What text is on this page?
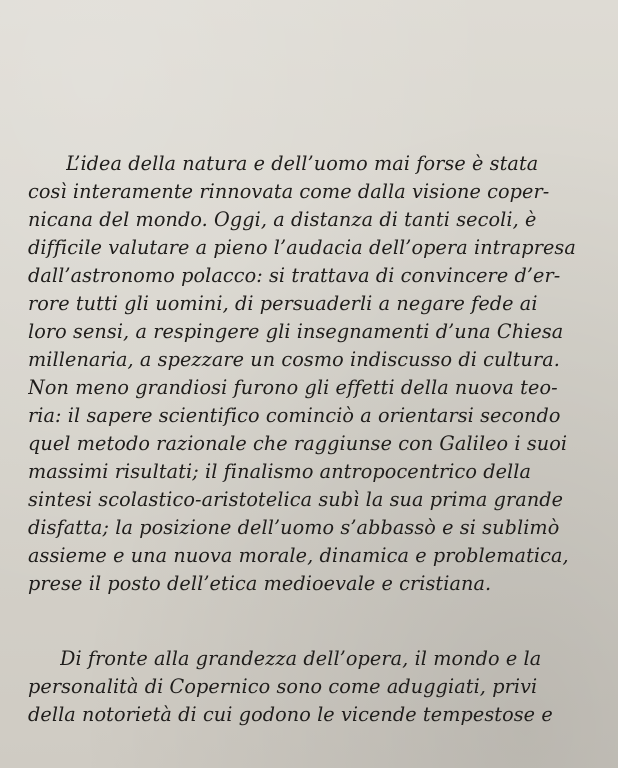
L’idea della natura e dell’uomo mai forse è stata
così interamente rinnovata come dalla visione coper-
nicana del mondo. Oggi, a distanza di tanti secoli, è
difficile valutare a pieno l’audacia dell’opera intrapresa
dall’astronomo polacco: si trattava di convincere d’er-
rore tutti gli uomini, di persuaderli a negare fede ai
loro sensi, a respingere gli insegnamenti d’una Chiesa
millenaria, a spezzare un cosmo indiscusso di cultura.
Non meno grandiosi furono gli effetti della nuova teo-
ria: il sapere scientifico cominciò a orientarsi secondo
quel metodo razionale che raggiunse con Galileo i suoi
massimi risultati; il finalismo antropocentrico della
sintesi scolastico-aristotelica subì la sua prima grande
disfatta; la posizione dell’uomo s’abbassò e si sublimò
assieme e una nuova morale, dinamica e problematica,
prese il posto dell’etica medioevale e cristiana.
Di fronte alla grandezza dell’opera, il mondo e la
personalità di Copernico sono come aduggiati, privi
della notorietà di cui godono le vicende tempestose e
